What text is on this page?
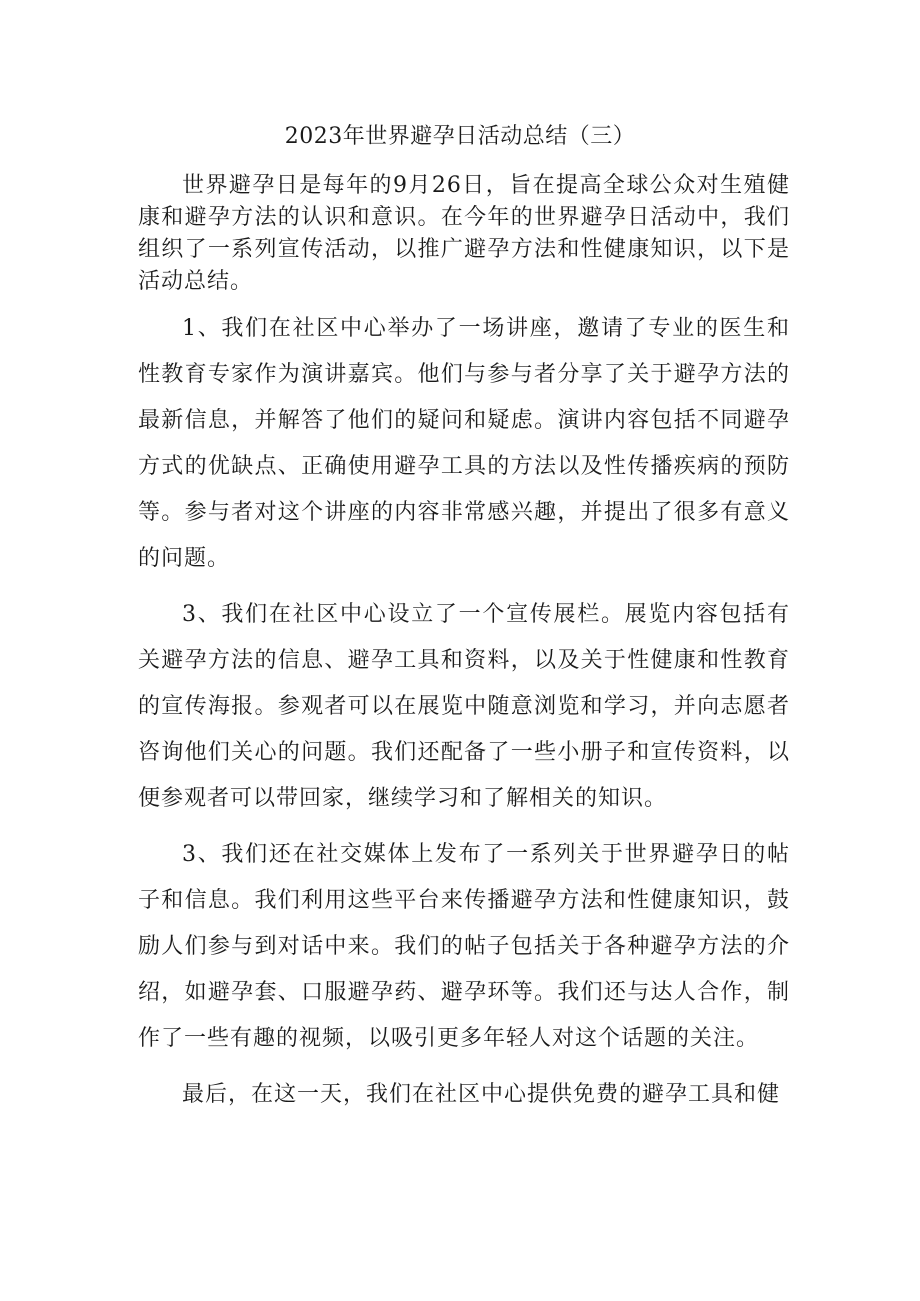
2023年世界避孕日活动总结（三）

世界避孕日是每年的9月26日，旨在提高全球公众对生殖健康和避孕方法的认识和意识。在今年的世界避孕日活动中，我们组织了一系列宣传活动，以推广避孕方法和性健康知识，以下是活动总结。

1、我们在社区中心举办了一场讲座，邀请了专业的医生和性教育专家作为演讲嘉宾。他们与参与者分享了关于避孕方法的最新信息，并解答了他们的疑问和疑虑。演讲内容包括不同避孕方式的优缺点、正确使用避孕工具的方法以及性传播疾病的预防等。参与者对这个讲座的内容非常感兴趣，并提出了很多有意义的问题。

3、我们在社区中心设立了一个宣传展栏。展览内容包括有关避孕方法的信息、避孕工具和资料，以及关于性健康和性教育的宣传海报。参观者可以在展览中随意浏览和学习，并向志愿者咨询他们关心的问题。我们还配备了一些小册子和宣传资料，以便参观者可以带回家，继续学习和了解相关的知识。

3、我们还在社交媒体上发布了一系列关于世界避孕日的帖子和信息。我们利用这些平台来传播避孕方法和性健康知识，鼓励人们参与到对话中来。我们的帖子包括关于各种避孕方法的介绍，如避孕套、口服避孕药、避孕环等。我们还与达人合作，制作了一些有趣的视频，以吸引更多年轻人对这个话题的关注。

最后，在这一天，我们在社区中心提供免费的避孕工具和健
